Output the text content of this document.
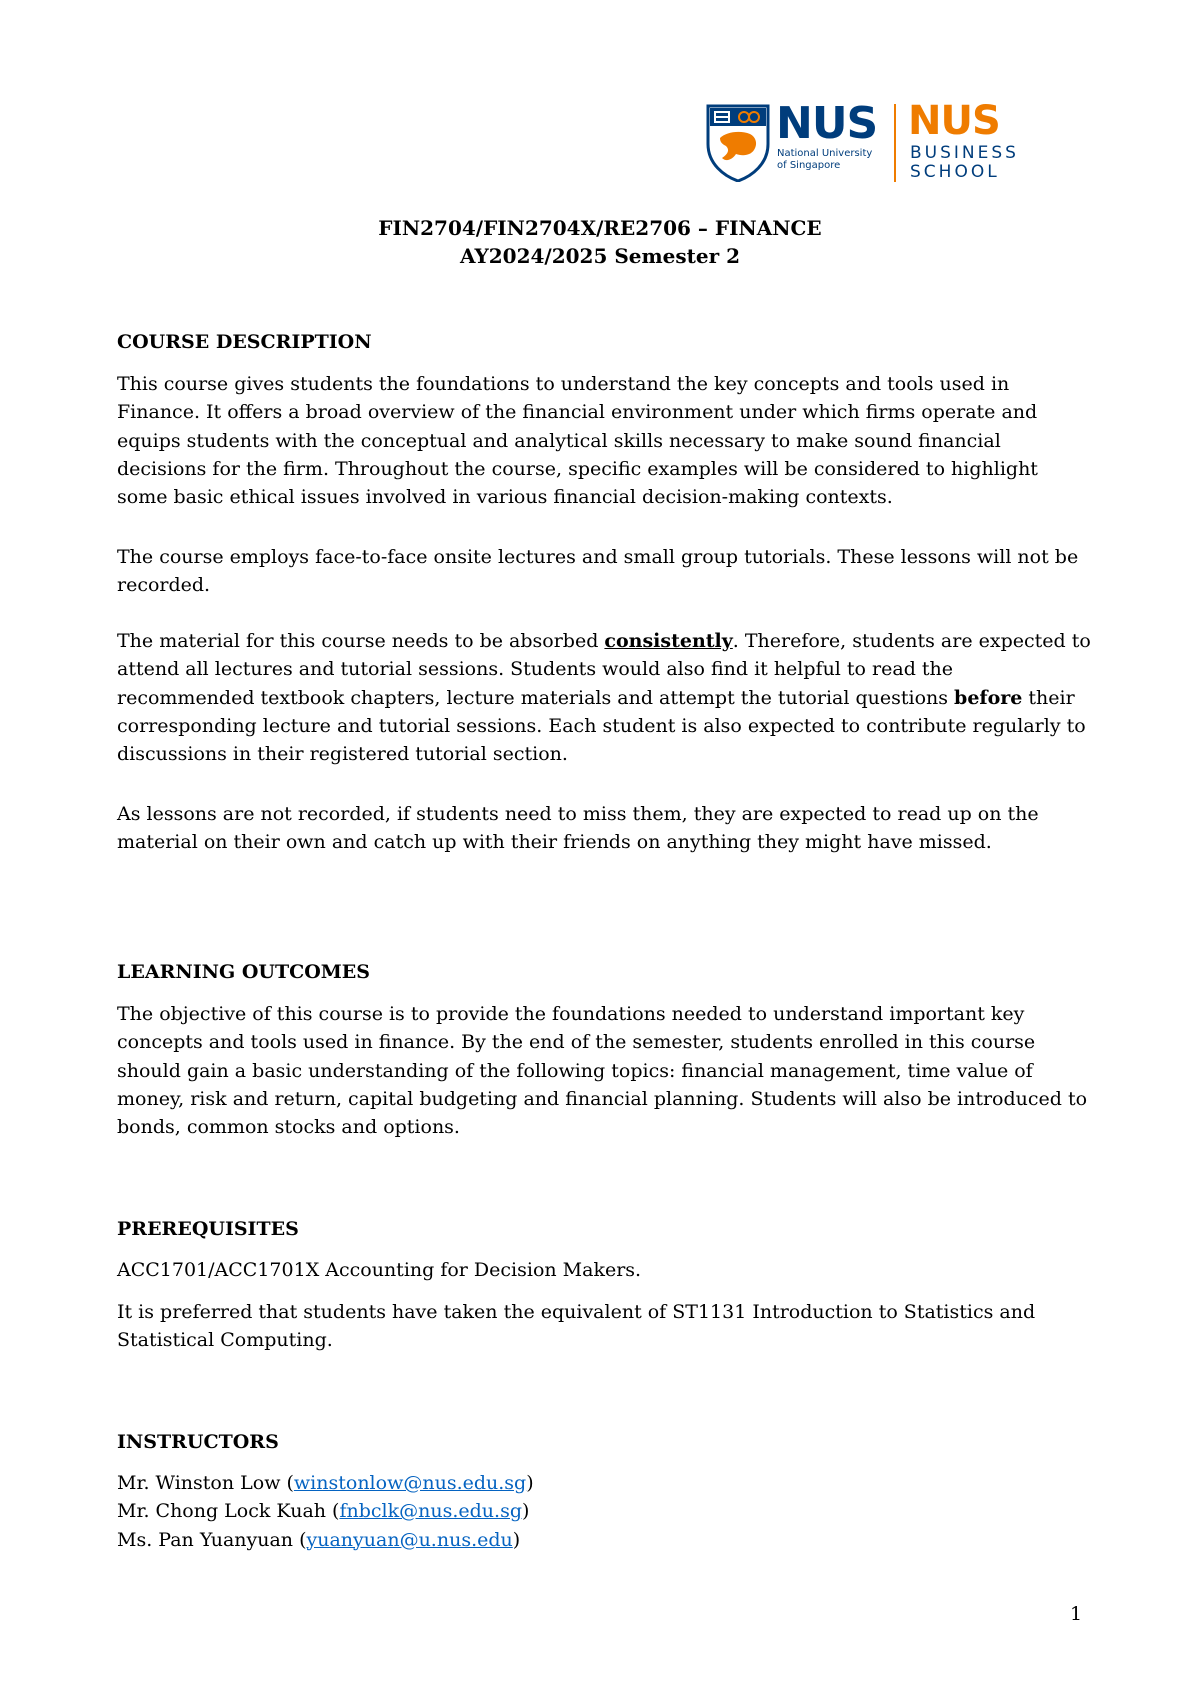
NUS
National University
of Singapore
NUS
BUSINESS
SCHOOL
FIN2704/FIN2704X/RE2706 – FINANCE
AY2024/2025 Semester 2
COURSE DESCRIPTION
This course gives students the foundations to understand the key concepts and tools used in Finance. It offers a broad overview of the financial environment under which firms operate and equips students with the conceptual and analytical skills necessary to make sound financial decisions for the firm. Throughout the course, specific examples will be considered to highlight some basic ethical issues involved in various financial decision-making contexts.
The course employs face-to-face onsite lectures and small group tutorials. These lessons will not be recorded.
The material for this course needs to be absorbed consistently. Therefore, students are expected to attend all lectures and tutorial sessions. Students would also find it helpful to read the recommended textbook chapters, lecture materials and attempt the tutorial questions before their corresponding lecture and tutorial sessions. Each student is also expected to contribute regularly to discussions in their registered tutorial section.
As lessons are not recorded, if students need to miss them, they are expected to read up on the material on their own and catch up with their friends on anything they might have missed.
LEARNING OUTCOMES
The objective of this course is to provide the foundations needed to understand important key concepts and tools used in finance. By the end of the semester, students enrolled in this course should gain a basic understanding of the following topics: financial management, time value of money, risk and return, capital budgeting and financial planning. Students will also be introduced to bonds, common stocks and options.
PREREQUISITES
ACC1701/ACC1701X Accounting for Decision Makers.
It is preferred that students have taken the equivalent of ST1131 Introduction to Statistics and Statistical Computing.
INSTRUCTORS
Mr. Winston Low (winstonlow@nus.edu.sg)
Mr. Chong Lock Kuah (fnbclk@nus.edu.sg)
Ms. Pan Yuanyuan (yuanyuan@u.nus.edu)
1
